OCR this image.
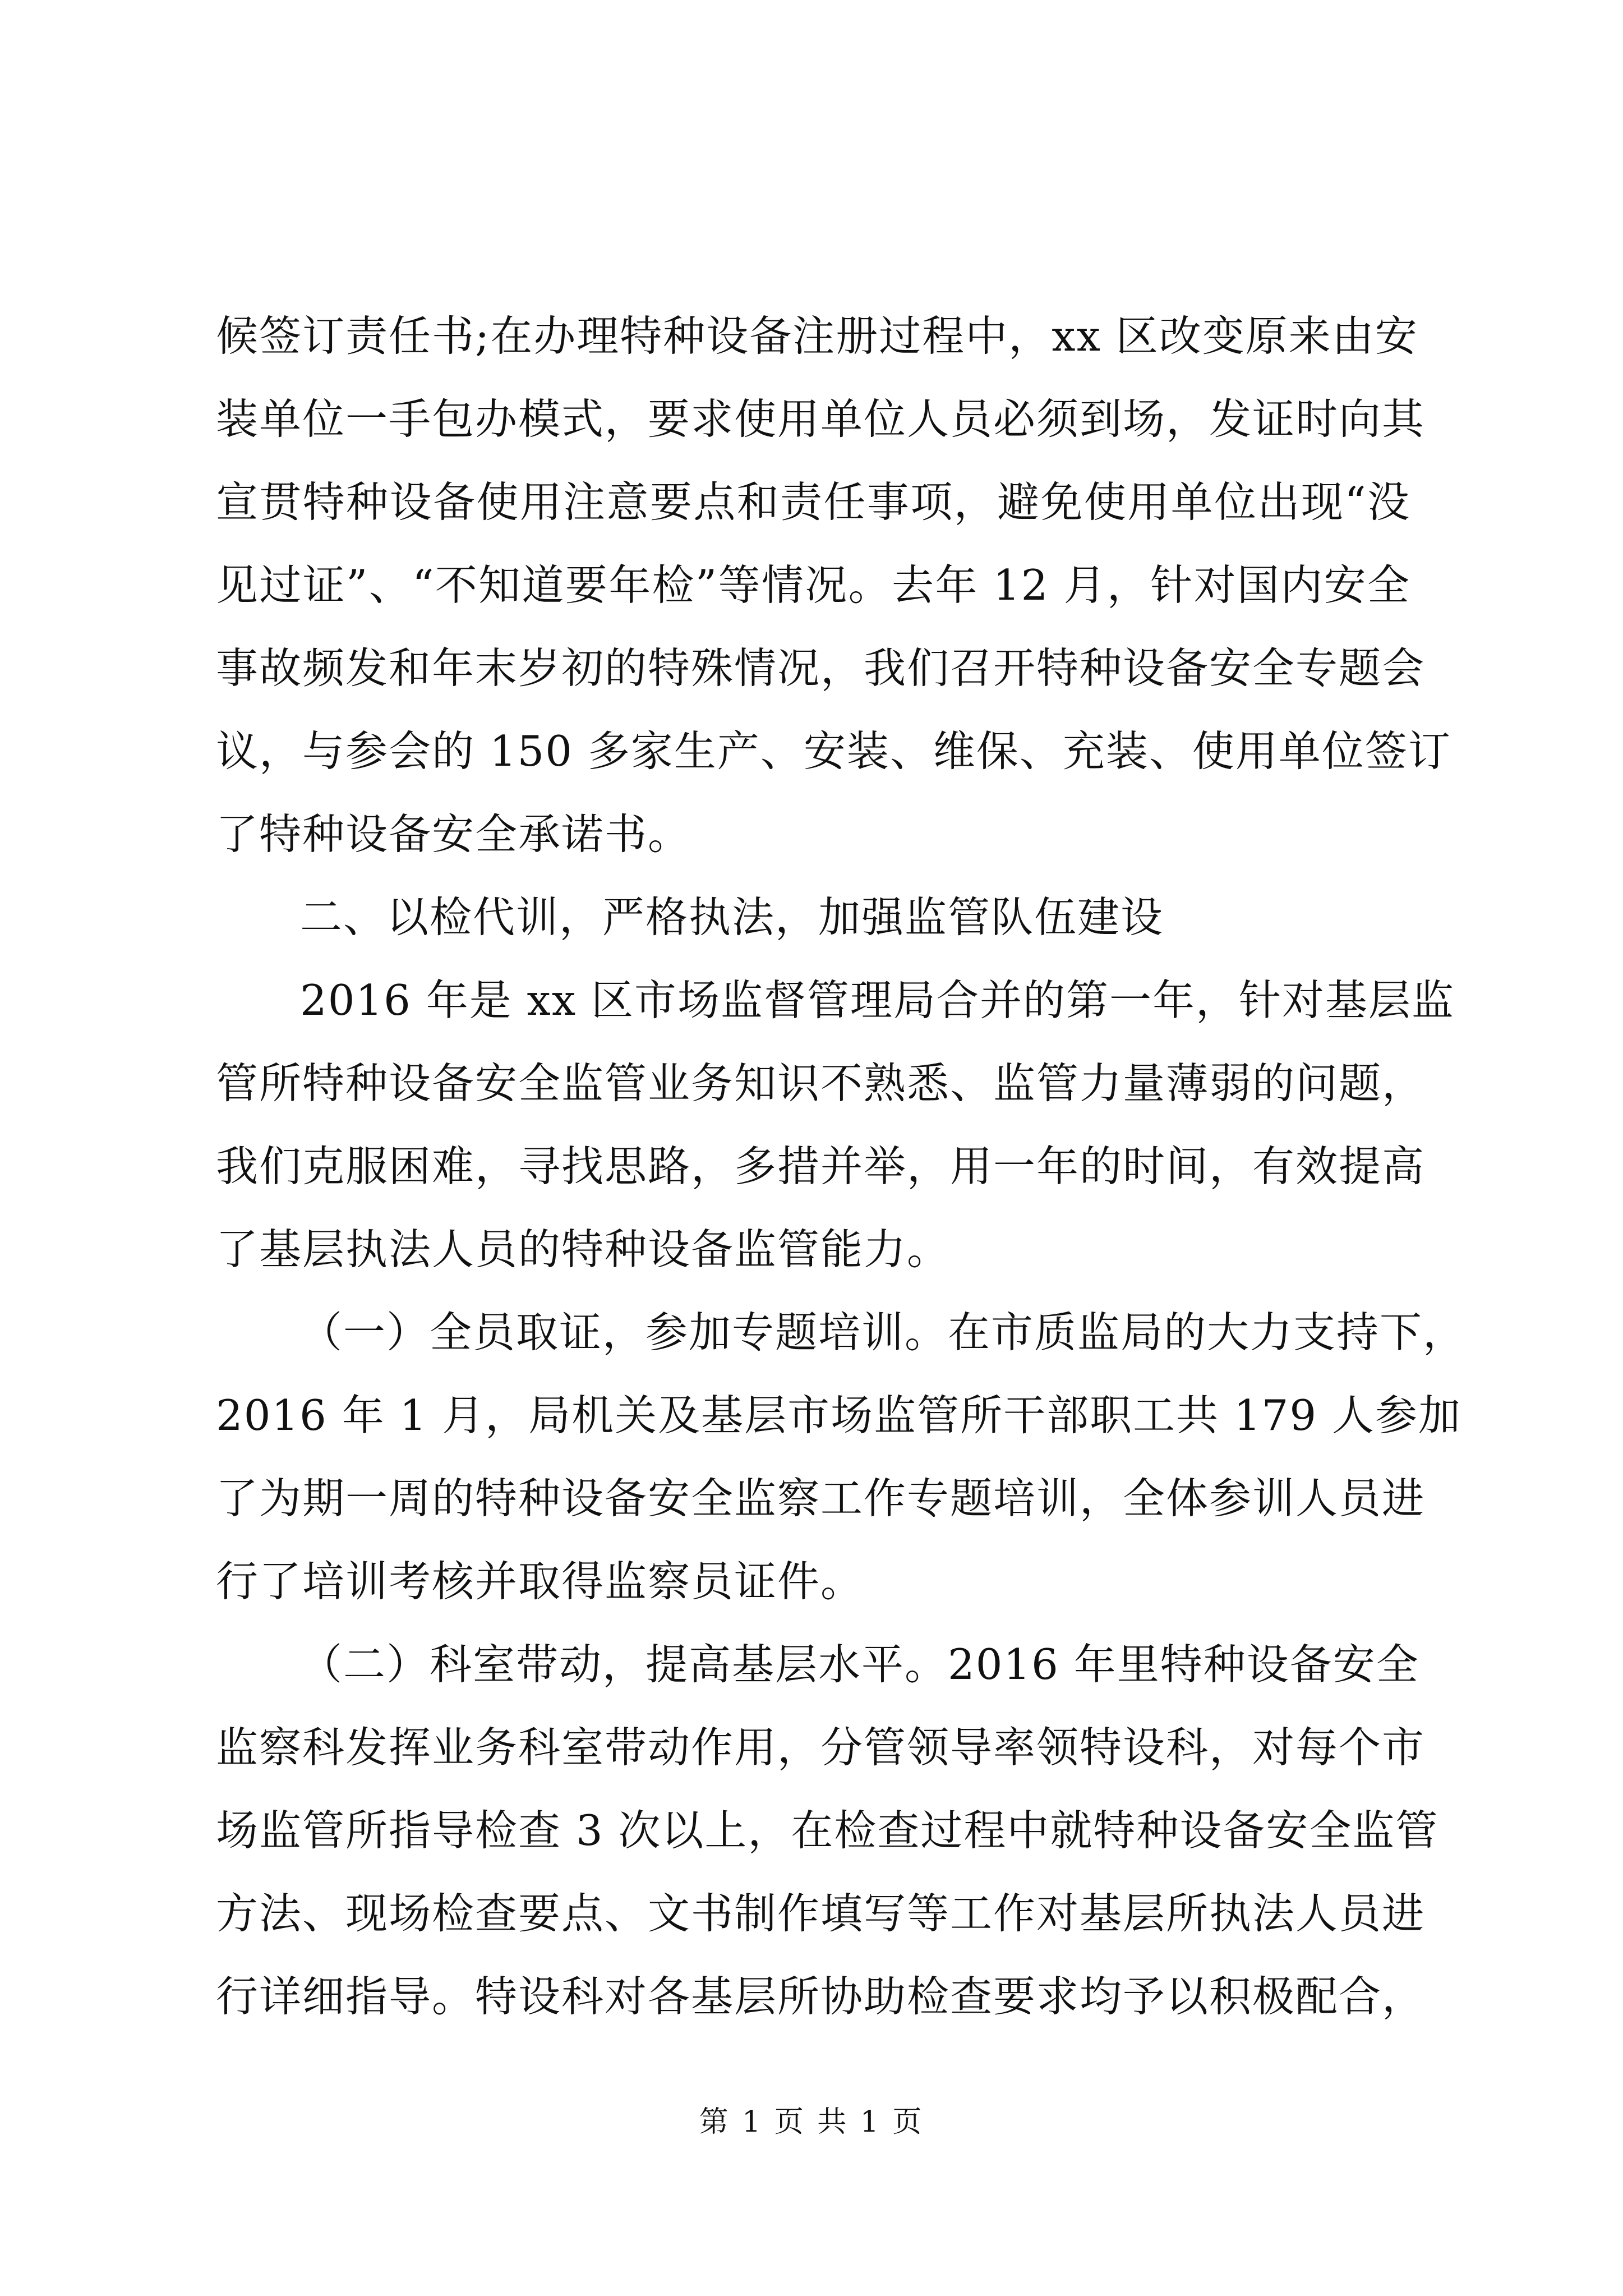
候签订责任书;在办理特种设备注册过程中，xx 区改变原来由安
装单位一手包办模式，要求使用单位人员必须到场，发证时向其
宣贯特种设备使用注意要点和责任事项，避免使用单位出现“没
见过证”、“不知道要年检”等情况。去年 12 月，针对国内安全
事故频发和年末岁初的特殊情况，我们召开特种设备安全专题会
议，与参会的 150 多家生产、安装、维保、充装、使用单位签订
了特种设备安全承诺书。
二、以检代训，严格执法，加强监管队伍建设
2016 年是 xx 区市场监督管理局合并的第一年，针对基层监
管所特种设备安全监管业务知识不熟悉、监管力量薄弱的问题，
我们克服困难，寻找思路，多措并举，用一年的时间，有效提高
了基层执法人员的特种设备监管能力。
（一）全员取证，参加专题培训。在市质监局的大力支持下，
2016 年 1 月，局机关及基层市场监管所干部职工共 179 人参加
了为期一周的特种设备安全监察工作专题培训，全体参训人员进
行了培训考核并取得监察员证件。
（二）科室带动，提高基层水平。2016 年里特种设备安全
监察科发挥业务科室带动作用，分管领导率领特设科，对每个市
场监管所指导检查 3 次以上，在检查过程中就特种设备安全监管
方法、现场检查要点、文书制作填写等工作对基层所执法人员进
行详细指导。特设科对各基层所协助检查要求均予以积极配合，
第 1 页 共 1 页
